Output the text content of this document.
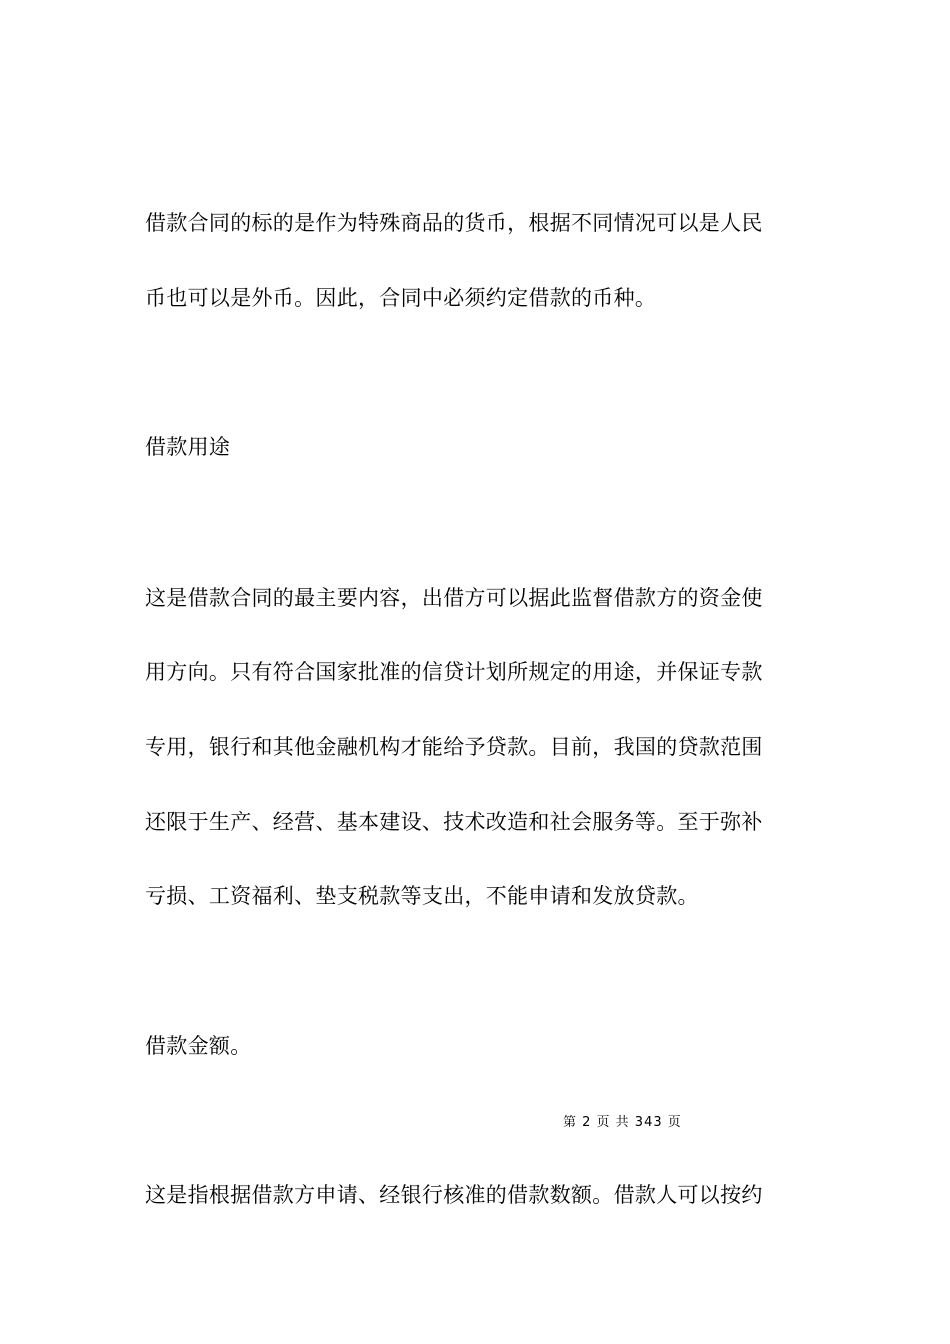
借款合同的标的是作为特殊商品的货币，根据不同情况可以是人民
币也可以是外币。因此，合同中必须约定借款的币种。
借款用途
这是借款合同的最主要内容，出借方可以据此监督借款方的资金使
用方向。只有符合国家批准的信贷计划所规定的用途，并保证专款
专用，银行和其他金融机构才能给予贷款。目前，我国的贷款范围
还限于生产、经营、基本建设、技术改造和社会服务等。至于弥补
亏损、工资福利、垫支税款等支出，不能申请和发放贷款。
借款金额。
第 2 页 共 343 页
这是指根据借款方申请、经银行核准的借款数额。借款人可以按约
